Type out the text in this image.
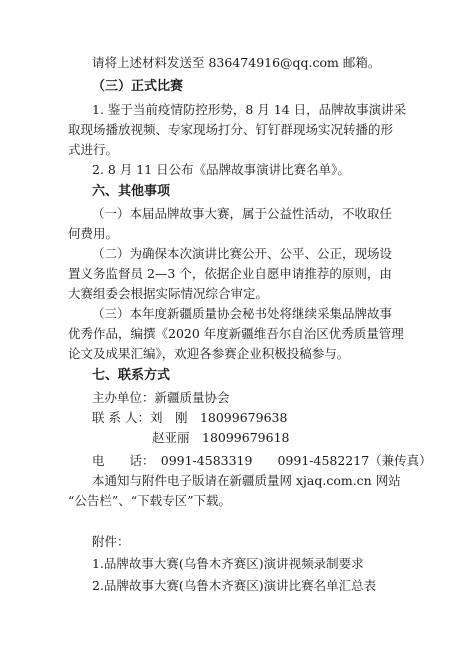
请将上述材料发送至 836474916@qq.com 邮箱。
（三）正式比赛
1. 鉴于当前疫情防控形势，8 月 14 日，品牌故事演讲采
取现场播放视频、专家现场打分、钉钉群现场实况转播的形
式进行。
2. 8 月 11 日公布《品牌故事演讲比赛名单》。
六、其他事项
（一）本届品牌故事大赛，属于公益性活动，不收取任
何费用。
（二）为确保本次演讲比赛公开、公平、公正，现场设
置义务监督员 2—3 个，依据企业自愿申请推荐的原则，由
大赛组委会根据实际情况综合审定。
（三）本年度新疆质量协会秘书处将继续采集品牌故事
优秀作品，编撰《2020 年度新疆维吾尔自治区优秀质量管理
论文及成果汇编》，欢迎各参赛企业积极投稿参与。
七、联系方式
主办单位：新疆质量协会
联 系 人：刘　刚　18099679638
赵亚丽　18099679618
电　　话：　0991-4583319　　0991-4582217（兼传真）
本通知与附件电子版请在新疆质量网 xjaq.com.cn 网站
“公告栏”、“下载专区”下载。
附件：
1.品牌故事大赛(乌鲁木齐赛区)演讲视频录制要求
2.品牌故事大赛(乌鲁木齐赛区)演讲比赛名单汇总表
